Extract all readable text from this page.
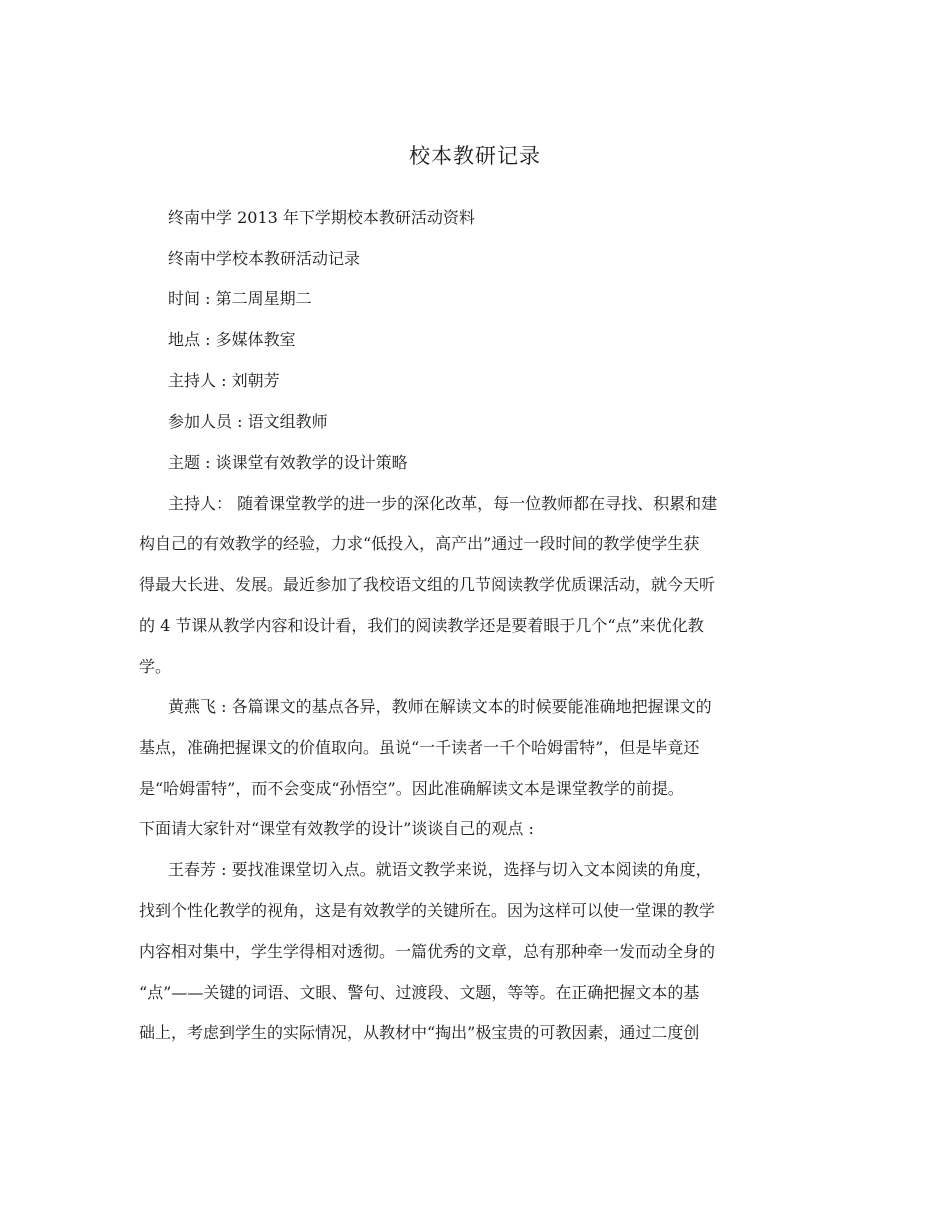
校本教研记录
终南中学 2013 年下学期校本教研活动资料
终南中学校本教研活动记录
时间 : 第二周星期二
地点 : 多媒体教室
主持人 : 刘朝芳
参加人员 : 语文组教师
主题 : 谈课堂有效教学的设计策略
主持人： 随着课堂教学的进一步的深化改革，每一位教师都在寻找、积累和建
构自己的有效教学的经验，力求“低投入，高产出”通过一段时间的教学使学生获
得最大长进、发展。最近参加了我校语文组的几节阅读教学优质课活动，就今天听
的 4 节课从教学内容和设计看，我们的阅读教学还是要着眼于几个“点”来优化教
学。
黄燕飞 : 各篇课文的基点各异，教师在解读文本的时候要能准确地把握课文的
基点，准确把握课文的价值取向。虽说“一千读者一千个哈姆雷特”，但是毕竟还
是“哈姆雷特”，而不会变成“孙悟空”。因此准确解读文本是课堂教学的前提。
下面请大家针对“课堂有效教学的设计”谈谈自己的观点 :
王春芳 : 要找准课堂切入点。就语文教学来说，选择与切入文本阅读的角度，
找到个性化教学的视角，这是有效教学的关键所在。因为这样可以使一堂课的教学
内容相对集中，学生学得相对透彻。一篇优秀的文章，总有那种牵一发而动全身的
“点”——关键的词语、文眼、警句、过渡段、文题，等等。在正确把握文本的基
础上，考虑到学生的实际情况，从教材中“掏出”极宝贵的可教因素，通过二度创
